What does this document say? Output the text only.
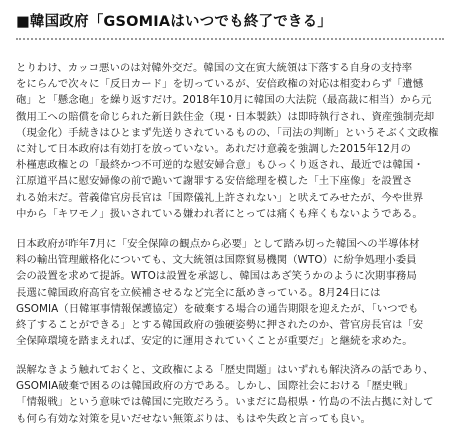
■韓国政府「GSOMIAはいつでも終了できる」
とりわけ、カッコ悪いのは対韓外交だ。韓国の文在寅大統領は下落する自身の支持率
をにらんで次々に「反日カード」を切っているが、安倍政権の対応は相変わらず「遺憾
砲」と「懸念砲」を繰り返すだけ。2018年10月に韓国の大法院（最高裁に相当）から元
徴用工への賠償を命じられた新日鉄住金（現・日本製鉄）は即時執行され、資産強制売却
（現金化）手続きはひとまず先送りされているものの、「司法の判断」というそぶく文政権
に対して日本政府は有効打を放っていない。あれだけ意義を強調した2015年12月の
朴槿恵政権との「最終かつ不可逆的な慰安婦合意」もひっくり返され、最近では韓国・
江原道平昌に慰安婦像の前で跪いて謝罪する安倍総理を模した「土下座像」を設置さ
れる始末だ。菅義偉官房長官は「国際儀礼上許されない」と吠えてみせたが、今や世界
中から「キワモノ」扱いされている嫌われ者にとっては痛くも痒くもないようである。
日本政府が昨年7月に「安全保障の観点から必要」として踏み切った韓国への半導体材
料の輸出管理厳格化についても、文大統領は国際貿易機関（WTO）に紛争処理小委員
会の設置を求めて提訴。WTOは設置を承認し、韓国はあざ笑うかのように次期事務局
長選に韓国政府高官を立候補させるなど完全に舐めきっている。8月24日には
GSOMIA（日韓軍事情報保護協定）を破棄する場合の通告期限を迎えたが、「いつでも
終了することができる」とする韓国政府の強硬姿勢に押されたのか、菅官房長官は「安
全保障環境を踏まえれば、安定的に運用されていくことが重要だ」と継続を求めた。
誤解なきよう触れておくと、文政権による「歴史問題」はいずれも解決済みの話であり、
GSOMIA破棄で困るのは韓国政府の方である。しかし、国際社会における「歴史戦」
「情報戦」という意味では韓国に完敗だろう。いまだに島根県・竹島の不法占拠に対して
も何ら有効な対策を見いだせない無策ぶりは、もはや失政と言っても良い。
